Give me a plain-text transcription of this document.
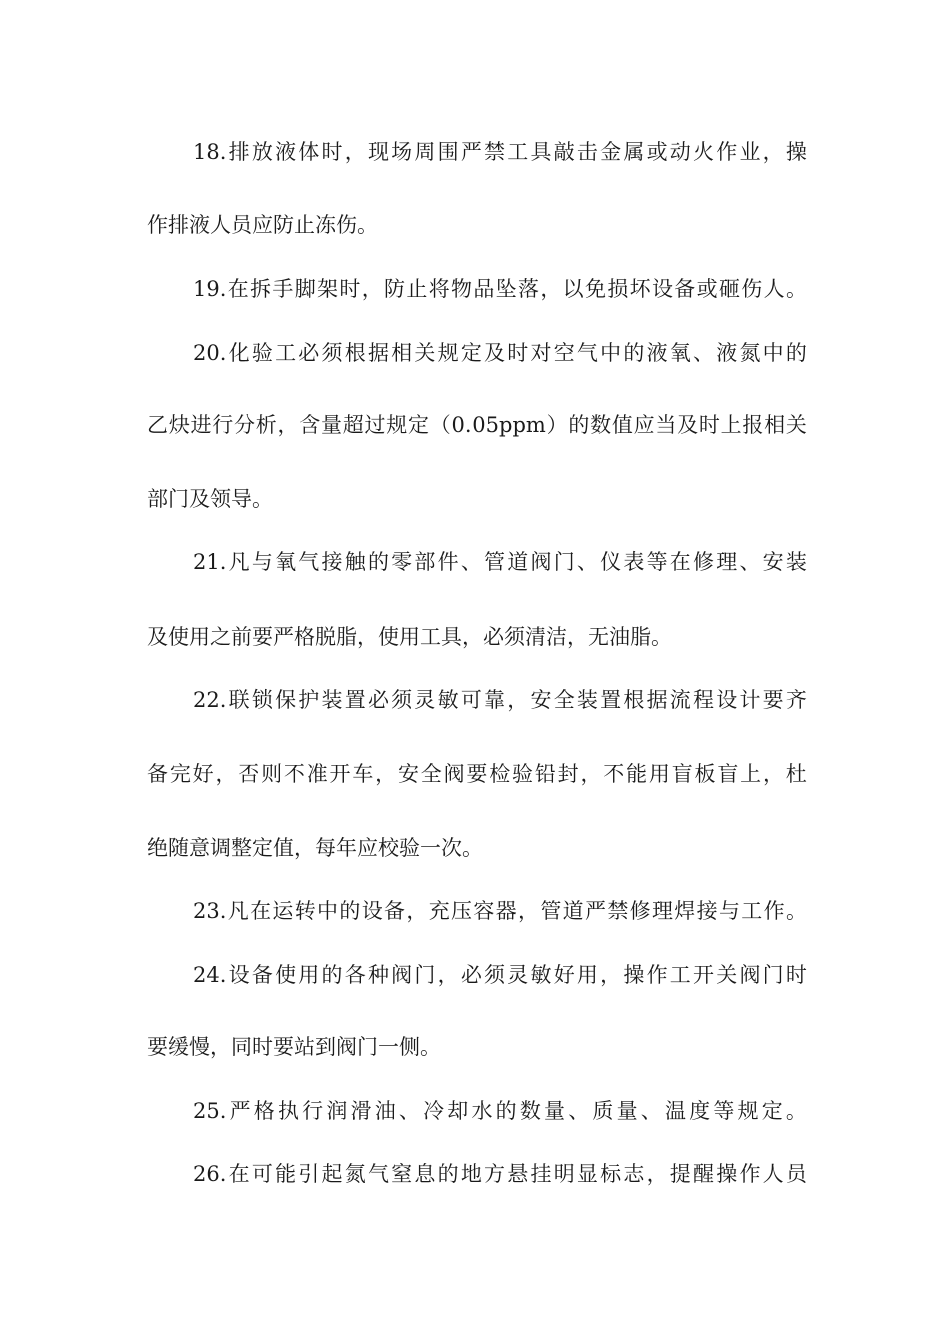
18. 排 放 液 体 时 ， 现 场 周 围 严 禁 工 具 敲 击 金 属 或 动 火 作 业 ， 操
作排液人员应防止冻伤。
19. 在 拆 手 脚 架 时 ， 防 止 将 物 品 坠 落 ， 以 免 损 坏 设 备 或 砸 伤 人 。
20. 化 验 工 必 须 根 据 相 关 规 定 及 时 对 空 气 中 的 液 氧 、 液 氮 中 的
乙 炔 进 行 分 析 ， 含 量 超 过 规 定 （ 0. 05ppm ） 的 数 值 应 当 及 时 上 报 相 关
部门及领导。
21. 凡 与 氧 气 接 触 的 零 部 件 、 管 道 阀 门 、 仪 表 等 在 修 理 、 安 装
及使用之前要严格脱脂，使用工具，必须清洁，无油脂。
22. 联 锁 保 护 装 置 必 须 灵 敏 可 靠 ， 安 全 装 置 根 据 流 程 设 计 要 齐
备 完 好 ， 否 则 不 准 开 车 ， 安 全 阀 要 检 验 铅 封 ， 不 能 用 盲 板 盲 上 ， 杜
绝随意调整定值，每年应校验一次。
23. 凡 在 运 转 中 的 设 备 ， 充 压 容 器 ， 管 道 严 禁 修 理 焊 接 与 工 作 。
24. 设 备 使 用 的 各 种 阀 门 ， 必 须 灵 敏 好 用 ， 操 作 工 开 关 阀 门 时
要缓慢，同时要站到阀门一侧。
25. 严 格 执 行 润 滑 油 、 冷 却 水 的 数 量 、 质 量 、 温 度 等 规 定 。
26. 在 可 能 引 起 氮 气 窒 息 的 地 方 悬 挂 明 显 标 志 ， 提 醒 操 作 人 员
